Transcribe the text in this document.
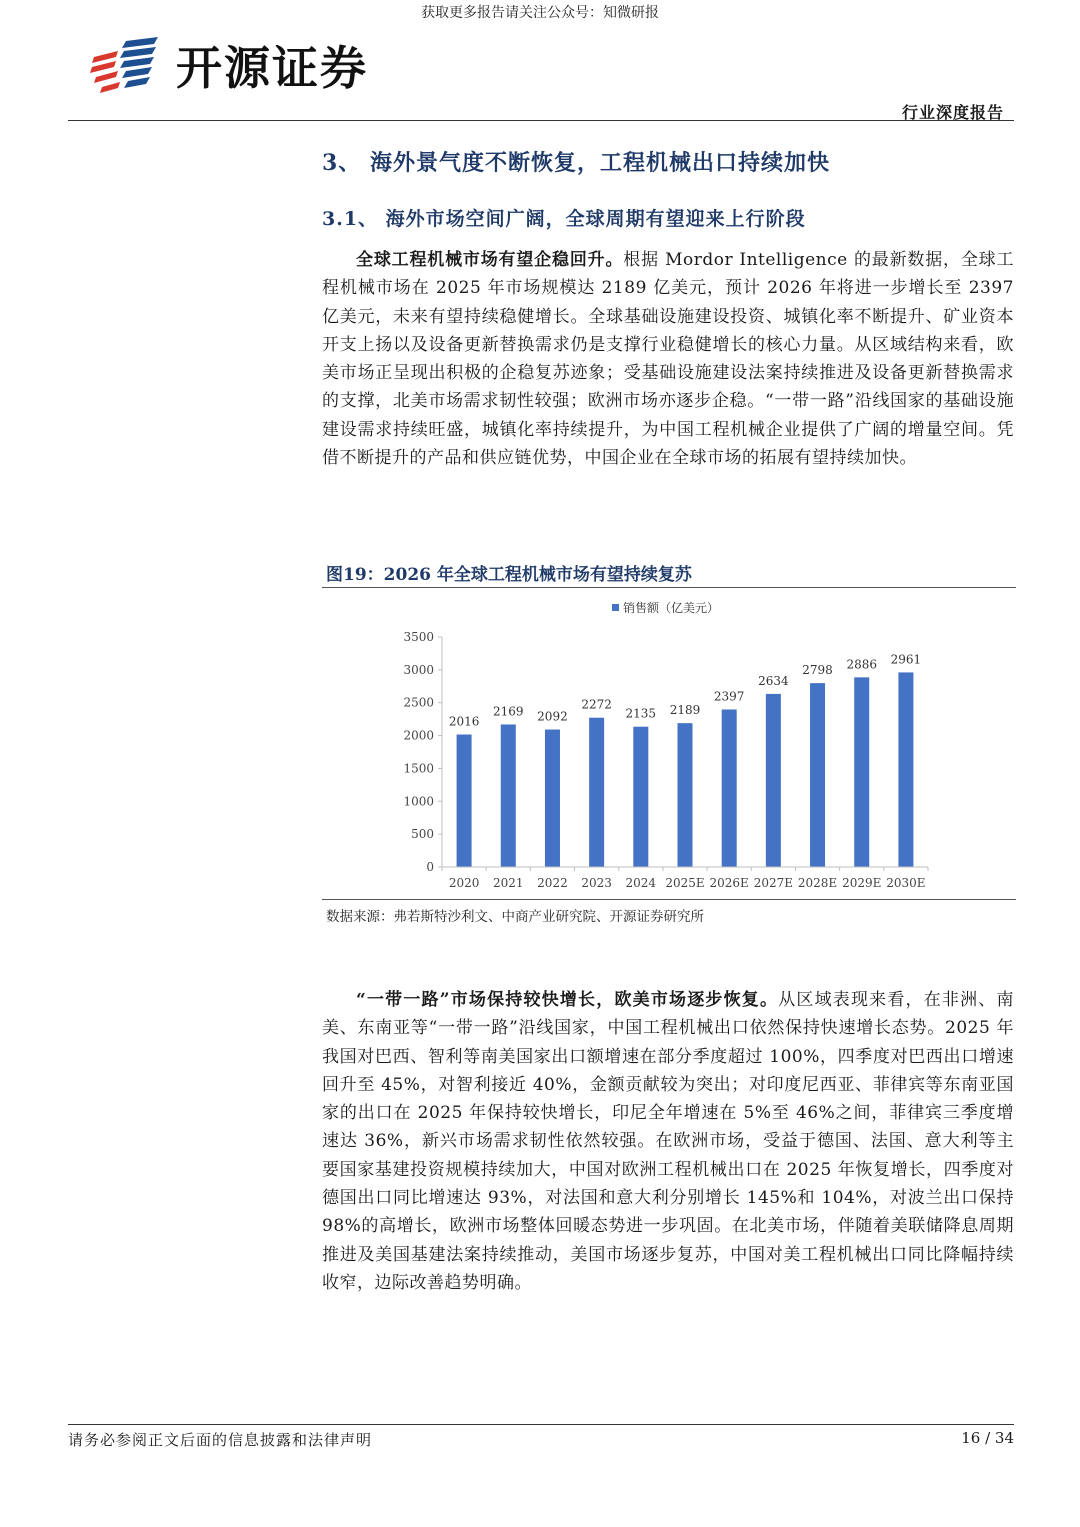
获取更多报告请关注公众号：知微研报
开源证券
行业深度报告
3、 海外景气度不断恢复，工程机械出口持续加快
3.1、 海外市场空间广阔，全球周期有望迎来上行阶段

全球工程机械市场有望企稳回升。根据 Mordor Intelligence 的最新数据，全球工程机械市场在 2025 年市场规模达 2189 亿美元，预计 2026 年将进一步增长至 2397 亿美元，未来有望持续稳健增长。全球基础设施建设投资、城镇化率不断提升、矿业资本开支上扬以及设备更新替换需求仍是支撑行业稳健增长的核心力量。从区域结构来看，欧美市场正呈现出积极的企稳复苏迹象；受基础设施建设法案持续推进及设备更新替换需求的支撑，北美市场需求韧性较强；欧洲市场亦逐步企稳。“一带一路”沿线国家的基础设施建设需求持续旺盛，城镇化率持续提升，为中国工程机械企业提供了广阔的增量空间。凭借不断提升的产品和供应链优势，中国企业在全球市场的拓展有望持续加快。

图19：2026 年全球工程机械市场有望持续复苏
销售额（亿美元）
0
500
1000
1500
2000
2500
3000
3500
2016
2169 2092
2272
2135 2189
2397
2634
2798 2886 2961
2020 2021 2022 2023 2024 2025E 2026E 2027E 2028E 2029E 2030E
数据来源：弗若斯特沙利文、中商产业研究院、开源证券研究所

“一带一路”市场保持较快增长，欧美市场逐步恢复。从区域表现来看，在非洲、南美、东南亚等“一带一路”沿线国家，中国工程机械出口依然保持快速增长态势。2025 年我国对巴西、智利等南美国家出口额增速在部分季度超过 100%，四季度对巴西出口增速回升至 45%，对智利接近 40%，金额贡献较为突出；对印度尼西亚、菲律宾等东南亚国家的出口在 2025 年保持较快增长，印尼全年增速在 5%至 46%之间，菲律宾三季度增速达 36%，新兴市场需求韧性依然较强。在欧洲市场，受益于德国、法国、意大利等主要国家基建投资规模持续加大，中国对欧洲工程机械出口在 2025 年恢复增长，四季度对德国出口同比增速达 93%，对法国和意大利分别增长 145%和 104%，对波兰出口保持 98%的高增长，欧洲市场整体回暖态势进一步巩固。在北美市场，伴随着美联储降息周期推进及美国基建法案持续推动，美国市场逐步复苏，中国对美工程机械出口同比降幅持续收窄，边际改善趋势明确。

请务必参阅正文后面的信息披露和法律声明	16 / 34
